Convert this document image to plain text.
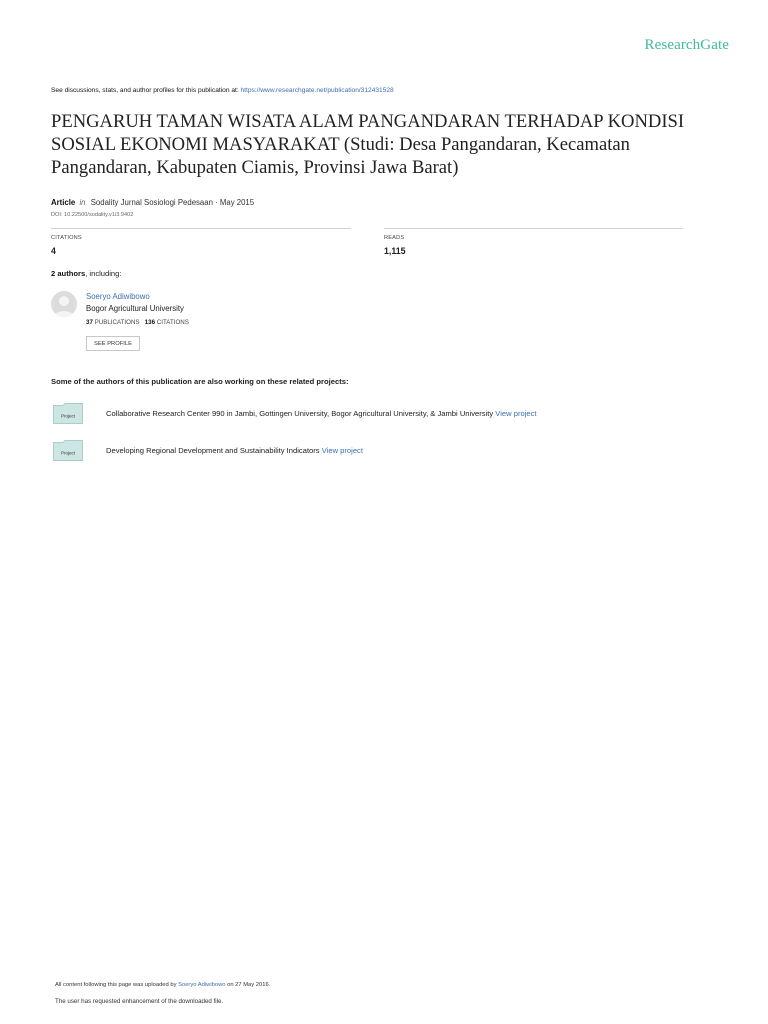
ResearchGate
See discussions, stats, and author profiles for this publication at: https://www.researchgate.net/publication/312431528
PENGARUH TAMAN WISATA ALAM PANGANDARAN TERHADAP KONDISI SOSIAL EKONOMI MASYARAKAT (Studi: Desa Pangandaran, Kecamatan Pangandaran, Kabupaten Ciamis, Provinsi Jawa Barat)
Article in Sodality Jurnal Sosiologi Pedesaan · May 2015
DOI: 10.22500/sodality.v1i3.9402
CITATIONS
4
READS
1,115
2 authors, including:
Soeryo Adiwibowo
Bogor Agricultural University
37 PUBLICATIONS 136 CITATIONS
SEE PROFILE
Some of the authors of this publication are also working on these related projects:
Project	Collaborative Research Center 990 in Jambi, Gottingen University, Bogor Agricultural University, & Jambi University View project
Project	Developing Regional Development and Sustainability Indicators View project
All content following this page was uploaded by Soeryo Adiwibowo on 27 May 2016.
The user has requested enhancement of the downloaded file.
